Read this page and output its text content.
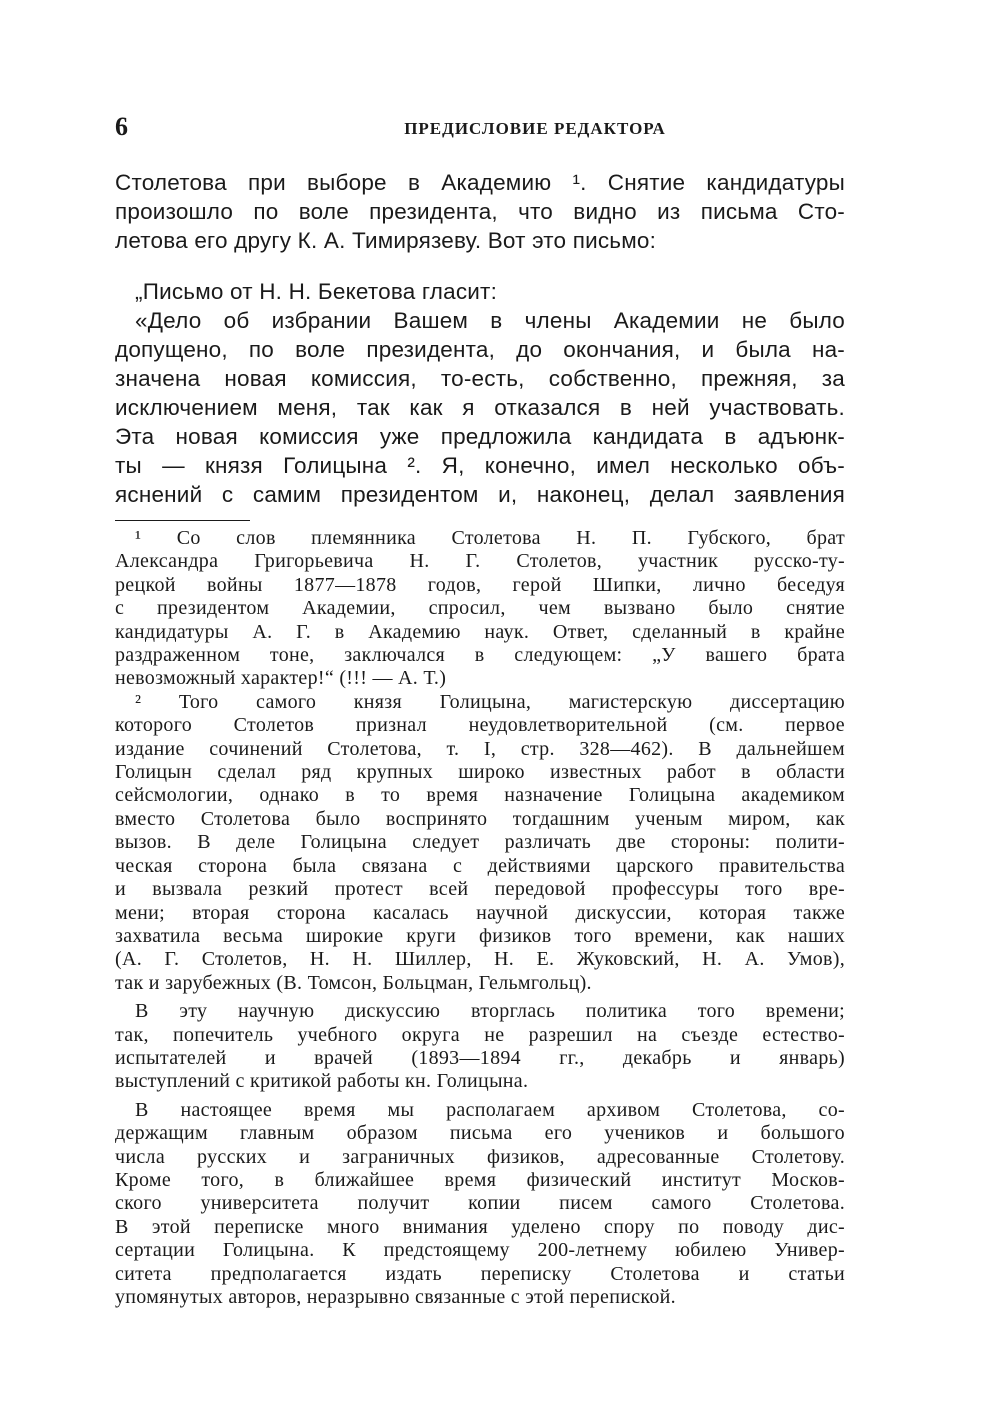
6	ПРЕДИСЛОВИЕ РЕДАКТОРА
Столетова при выборе в Академию ¹. Снятие кандидатуры
произошло по воле президента, что видно из письма Сто-
летова его другу К. А. Тимирязеву. Вот это письмо:
„Письмо от Н. Н. Бекетова гласит:
«Дело об избрании Вашем в члены Академии не было
допущено, по воле президента, до окончания, и была на-
значена новая комиссия, то-есть, собственно, прежняя, за
исключением меня, так как я отказался в ней участвовать.
Эта новая комиссия уже предложила кандидата в адъюнк-
ты — князя Голицына ². Я, конечно, имел несколько объ-
яснений с самим президентом и, наконец, делал заявления
¹ Со слов племянника Столетова Н. П. Губского, брат
Александра Григорьевича Н. Г. Столетов, участник русско-ту-
рецкой войны 1877—1878 годов, герой Шипки, лично беседуя
с президентом Академии, спросил, чем вызвано было снятие
кандидатуры А. Г. в Академию наук. Ответ, сделанный в крайне
раздраженном тоне, заключался в следующем: „У вашего брата
невозможный характер!“ (!!! — А. Т.)
² Того самого князя Голицына, магистерскую диссертацию
которого Столетов признал неудовлетворительной (см. первое
издание сочинений Столетова, т. I, стр. 328—462). В дальнейшем
Голицын сделал ряд крупных широко известных работ в области
сейсмологии, однако в то время назначение Голицына академиком
вместо Столетова было воспринято тогдашним ученым миром, как
вызов. В деле Голицына следует различать две стороны: полити-
ческая сторона была связана с действиями царского правительства
и вызвала резкий протест всей передовой профессуры того вре-
мени; вторая сторона касалась научной дискуссии, которая также
захватила весьма широкие круги физиков того времени, как наших
(А. Г. Столетов, Н. Н. Шиллер, Н. Е. Жуковский, Н. А. Умов),
так и зарубежных (В. Томсон, Больцман, Гельмгольц).
В эту научную дискуссию вторглась политика того времени;
так, попечитель учебного округа не разрешил на съезде естество-
испытателей и врачей (1893—1894 гг., декабрь и январь)
выступлений с критикой работы кн. Голицына.
В настоящее время мы располагаем архивом Столетова, со-
держащим главным образом письма его учеников и большого
числа русских и заграничных физиков, адресованные Столетову.
Кроме того, в ближайшее время физический институт Москов-
ского университета получит копии писем самого Столетова.
В этой переписке много внимания уделено спору по поводу дис-
сертации Голицына. К предстоящему 200-летнему юбилею Универ-
ситета предполагается издать переписку Столетова и статьи
упомянутых авторов, неразрывно связанные с этой перепиской.
